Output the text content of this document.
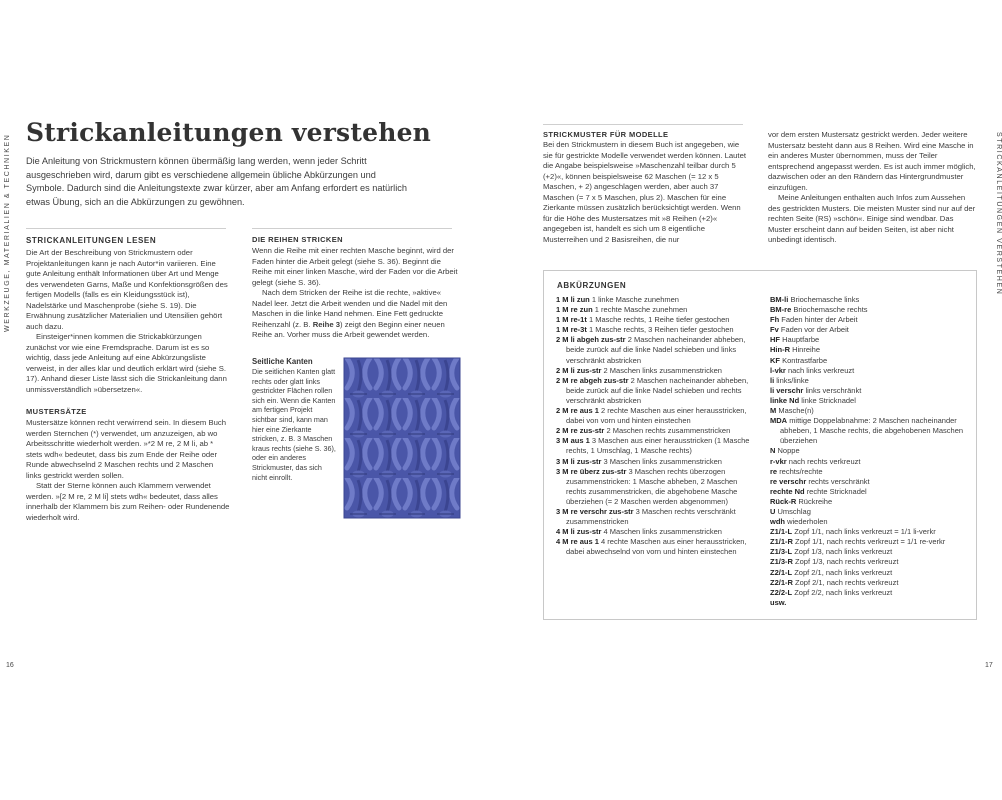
WERKZEUGE, MATERIALIEN & TECHNIKEN	STRICKANLEITUNGEN VERSTEHEN
16	17
Strickanleitungen verstehen

Die Anleitung von Strickmustern können übermäßig lang werden, wenn jeder Schritt ausgeschrieben wird, darum gibt es verschiedene allgemein übliche Abkürzungen und Symbole. Dadurch sind die Anleitungstexte zwar kürzer, aber am Anfang erfordert es natürlich etwas Übung, sich an die Abkürzungen zu gewöhnen.

STRICKANLEITUNGEN LESEN

Die Art der Beschreibung von Strickmustern oder Projektanleitungen kann je nach Autor*in variieren. Eine gute Anleitung enthält Informationen über Art und Menge des verwendeten Garns, Maße und Konfektionsgrößen des fertigen Modells (falls es ein Kleidungsstück ist), Nadelstärke und Maschenprobe (siehe S. 19). Die Erwähnung zusätzlicher Materialien und Utensilien gehört auch dazu.

Einsteiger*innen kommen die Strickabkürzungen zunächst vor wie eine Fremdsprache. Darum ist es so wichtig, dass jede Anleitung auf eine Abkürzungsliste verweist, in der alles klar und deutlich erklärt wird (siehe S. 17). Anhand dieser Liste lässt sich die Strickanleitung dann unmissverständlich »übersetzen«.

MUSTERSÄTZE

Mustersätze können recht verwirrend sein. In diesem Buch werden Sternchen (*) verwendet, um anzuzeigen, ab wo Arbeitsschritte wiederholt werden. »*2 M re, 2 M li, ab * stets wdh« bedeutet, dass bis zum Ende der Reihe oder Runde abwechselnd 2 Maschen rechts und 2 Maschen links gestrickt werden sollen.

Statt der Sterne können auch Klammern verwendet werden. »[2 M re, 2 M li] stets wdh« bedeutet, dass alles innerhalb der Klammern bis zum Reihen- oder Rundenende wiederholt wird.

DIE REIHEN STRICKEN

Wenn die Reihe mit einer rechten Masche beginnt, wird der Faden hinter die Arbeit gelegt (siehe S. 36). Beginnt die Reihe mit einer linken Masche, wird der Faden vor die Arbeit gelegt (siehe S. 36).

Nach dem Stricken der Reihe ist die rechte, »aktive« Nadel leer. Jetzt die Arbeit wenden und die Nadel mit den Maschen in die linke Hand nehmen. Eine Fett gedruckte Reihenzahl (z. B. Reihe 3) zeigt den Beginn einer neuen Reihe an. Vorher muss die Arbeit gewendet werden.

Seitliche Kanten

Die seitlichen Kanten glatt rechts oder glatt links gestrickter Flächen rollen sich ein. Wenn die Kanten am fertigen Projekt sichtbar sind, kann man hier eine Zierkante stricken, z. B. 3 Maschen kraus rechts (siehe S. 36), oder ein anderes Strickmuster, das sich nicht einrollt.

STRICKMUSTER FÜR MODELLE

Bei den Strickmustern in diesem Buch ist angegeben, wie sie für gestrickte Modelle verwendet werden können. Lautet die Angabe beispielsweise »Maschenzahl teilbar durch 5 (+2)«, können beispielsweise 62 Maschen (= 12 x 5 Maschen, + 2) angeschlagen werden, aber auch 37 Maschen (= 7 x 5 Maschen, plus 2). Maschen für eine Zierkante müssen zusätzlich berücksichtigt werden. Wenn für die Höhe des Mustersatzes mit »8 Reihen (+2)« angegeben ist, handelt es sich um 8 eigentliche Musterreihen und 2 Basisreihen, die nur

vor dem ersten Mustersatz gestrickt werden. Jeder weitere Mustersatz besteht dann aus 8 Reihen. Wird eine Masche in ein anderes Muster übernommen, muss der Teiler entsprechend angepasst werden. Es ist auch immer möglich, dazwischen oder an den Rändern das Hintergrundmuster einzufügen.

Meine Anleitungen enthalten auch Infos zum Aussehen des gestrickten Musters. Die meisten Muster sind nur auf der rechten Seite (RS) »schön«. Einige sind wendbar. Das Muster erscheint dann auf beiden Seiten, ist aber nicht unbedingt identisch.

ABKÜRZUNGEN

1 M li zun 1 linke Masche zunehmen

1 M re zun 1 rechte Masche zunehmen

1 M re-1t 1 Masche rechts, 1 Reihe tiefer gestochen

1 M re-3t 1 Masche rechts, 3 Reihen tiefer gestochen

2 M li abgeh zus-str 2 Maschen nacheinander abheben, beide zurück auf die linke Nadel schieben und links verschränkt abstricken

2 M li zus-str 2 Maschen links zusammenstricken

2 M re abgeh zus-str 2 Maschen nacheinander abheben, beide zurück auf die linke Nadel schieben und rechts verschränkt abstricken

2 M re aus 1 2 rechte Maschen aus einer herausstricken, dabei von vorn und hinten einstechen

2 M re zus-str 2 Maschen rechts zusammenstricken

3 M aus 1 3 Maschen aus einer herausstricken (1 Masche rechts, 1 Umschlag, 1 Masche rechts)

3 M li zus-str 3 Maschen links zusammenstricken

3 M re überz zus-str 3 Maschen rechts überzogen zusammenstricken: 1 Masche abheben, 2 Maschen rechts zusammenstricken, die abgehobene Masche überziehen (= 2 Maschen werden abgenommen)

3 M re verschr zus-str 3 Maschen rechts verschränkt zusammenstricken

4 M li zus-str 4 Maschen links zusammenstricken

4 M re aus 1 4 rechte Maschen aus einer herausstricken, dabei abwechselnd von vorn und hinten einstechen

BM-li Briochemasche links

BM-re Briochemasche rechts

Fh Faden hinter der Arbeit

Fv Faden vor der Arbeit

HF Hauptfarbe

Hin-R Hinreihe

KF Kontrastfarbe

l-vkr nach links verkreuzt

li links/linke

li verschr links verschränkt

linke Nd linke Stricknadel

M Masche(n)

MDA mittige Doppelabnahme: 2 Maschen nacheinander abheben, 1 Masche rechts, die abgehobenen Maschen überziehen

N Noppe

r-vkr nach rechts verkreuzt

re rechts/rechte

re verschr rechts verschränkt

rechte Nd rechte Stricknadel

Rück-R Rückreihe

U Umschlag

wdh wiederholen

Z1/1-L Zopf 1/1, nach links verkreuzt = 1/1 li-verkr

Z1/1-R Zopf 1/1, nach rechts verkreuzt = 1/1 re-verkr

Z1/3-L Zopf 1/3, nach links verkreuzt

Z1/3-R Zopf 1/3, nach rechts verkreuzt

Z2/1-L Zopf 2/1, nach links verkreuzt

Z2/1-R Zopf 2/1, nach rechts verkreuzt

Z2/2-L Zopf 2/2, nach links verkreuzt

usw.
